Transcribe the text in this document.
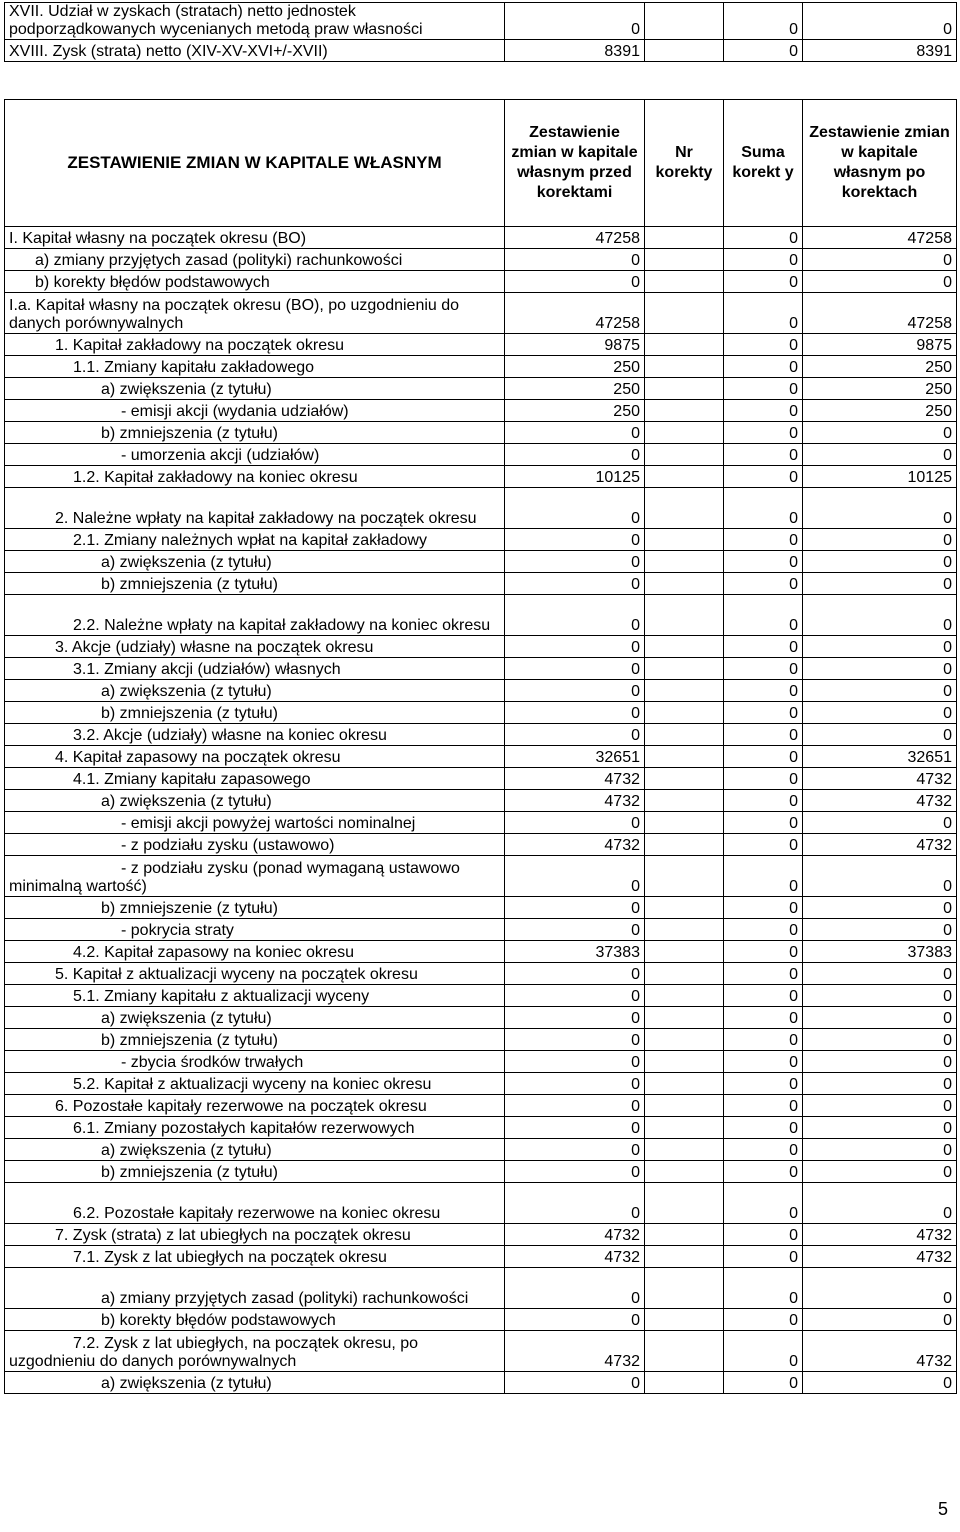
XVII. Udział w zyskach (stratach) netto jednostek podporządkowanych wycenianych metodą praw własności	0		0	0
XVIII. Zysk (strata) netto (XIV-XV-XVI+/-XVII)	8391		0	8391
ZESTAWIENIE ZMIAN W KAPITALE WŁASNYM	Zestawienie zmian w kapitale własnym przed korektami	Nr korekty	Suma korekt y	Zestawienie zmian w kapitale własnym po korektach
I. Kapitał własny na początek okresu (BO)	47258		0	47258
a) zmiany przyjętych zasad (polityki) rachunkowości	0		0	0
b) korekty błędów podstawowych	0		0	0
I.a. Kapitał własny na początek okresu (BO), po uzgodnieniu do danych porównywalnych	47258		0	47258
1. Kapitał zakładowy na początek okresu	9875		0	9875
1.1. Zmiany kapitału zakładowego	250		0	250
a) zwiększenia (z tytułu)	250		0	250
- emisji akcji (wydania udziałów)	250		0	250
b) zmniejszenia (z tytułu)	0		0	0
- umorzenia akcji (udziałów)	0		0	0
1.2. Kapitał zakładowy na koniec okresu	10125		0	10125
2. Należne wpłaty na kapitał zakładowy na początek okresu	0		0	0
2.1. Zmiany należnych wpłat na kapitał zakładowy	0		0	0
a) zwiększenia (z tytułu)	0		0	0
b) zmniejszenia (z tytułu)	0		0	0
2.2. Należne wpłaty na kapitał zakładowy na koniec okresu	0		0	0
3. Akcje (udziały) własne na początek okresu	0		0	0
3.1. Zmiany akcji (udziałów) własnych	0		0	0
a) zwiększenia (z tytułu)	0		0	0
b) zmniejszenia (z tytułu)	0		0	0
3.2. Akcje (udziały) własne na koniec okresu	0		0	0
4. Kapitał zapasowy na początek okresu	32651		0	32651
4.1. Zmiany kapitału zapasowego	4732		0	4732
a) zwiększenia (z tytułu)	4732		0	4732
- emisji akcji powyżej wartości nominalnej	0		0	0
- z podziału zysku (ustawowo)	4732		0	4732
- z podziału zysku (ponad wymaganą ustawowo minimalną wartość)	0		0	0
b) zmniejszenie (z tytułu)	0		0	0
- pokrycia straty	0		0	0
4.2. Kapitał zapasowy na koniec okresu	37383		0	37383
5. Kapitał z aktualizacji wyceny na początek okresu	0		0	0
5.1. Zmiany kapitału z aktualizacji wyceny	0		0	0
a) zwiększenia (z tytułu)	0		0	0
b) zmniejszenia (z tytułu)	0		0	0
- zbycia środków trwałych	0		0	0
5.2. Kapitał z aktualizacji wyceny na koniec okresu	0		0	0
6. Pozostałe kapitały rezerwowe na początek okresu	0		0	0
6.1. Zmiany pozostałych kapitałów rezerwowych	0		0	0
a) zwiększenia (z tytułu)	0		0	0
b) zmniejszenia (z tytułu)	0		0	0
6.2. Pozostałe kapitały rezerwowe na koniec okresu	0		0	0
7. Zysk (strata) z lat ubiegłych na początek okresu	4732		0	4732
7.1. Zysk z lat ubiegłych na początek okresu	4732		0	4732
a) zmiany przyjętych zasad (polityki) rachunkowości	0		0	0
b) korekty błędów podstawowych	0		0	0
7.2. Zysk z lat ubiegłych, na początek okresu, po uzgodnieniu do danych porównywalnych	4732		0	4732
a) zwiększenia (z tytułu)	0		0	0
5
